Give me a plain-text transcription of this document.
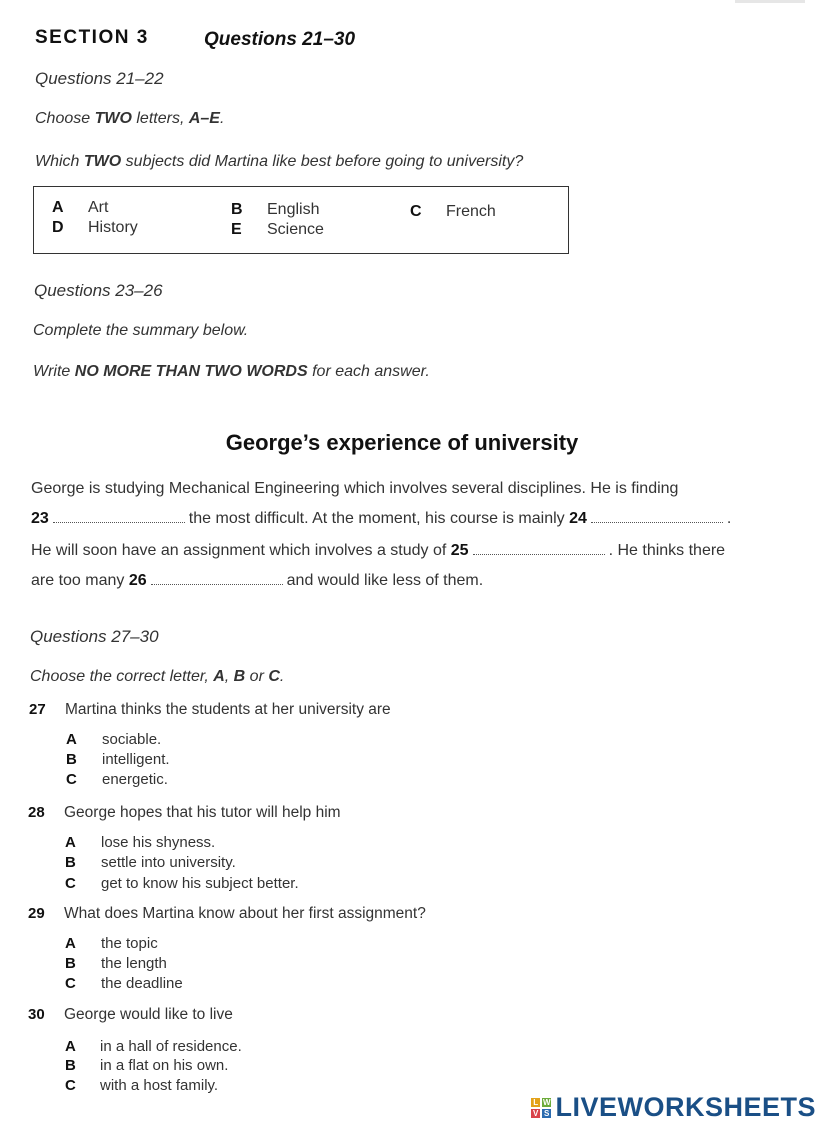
SECTION 3	Questions 21–30
Questions 21–22
Choose TWO letters, A–E.
Which TWO subjects did Martina like best before going to university?
A Art	B English	C French
D History	E Science
Questions 23–26
Complete the summary below.
Write NO MORE THAN TWO WORDS for each answer.
George’s experience of university
George is studying Mechanical Engineering which involves several disciplines. He is finding
23	the most difficult. At the moment, his course is mainly 24	.
He will soon have an assignment which involves a study of 25	. He thinks there
are too many 26	and would like less of them.
Questions 27–30
Choose the correct letter, A, B or C.
27 Martina thinks the students at her university are
A sociable.
B intelligent.
C energetic.
28 George hopes that his tutor will help him
A lose his shyness.
B settle into university.
C get to know his subject better.
29 What does Martina know about her first assignment?
A the topic
B the length
C the deadline
30 George would like to live
A in a hall of residence.
B in a flat on his own.
C with a host family.
L W
V S LIVEWORKSHEETS
